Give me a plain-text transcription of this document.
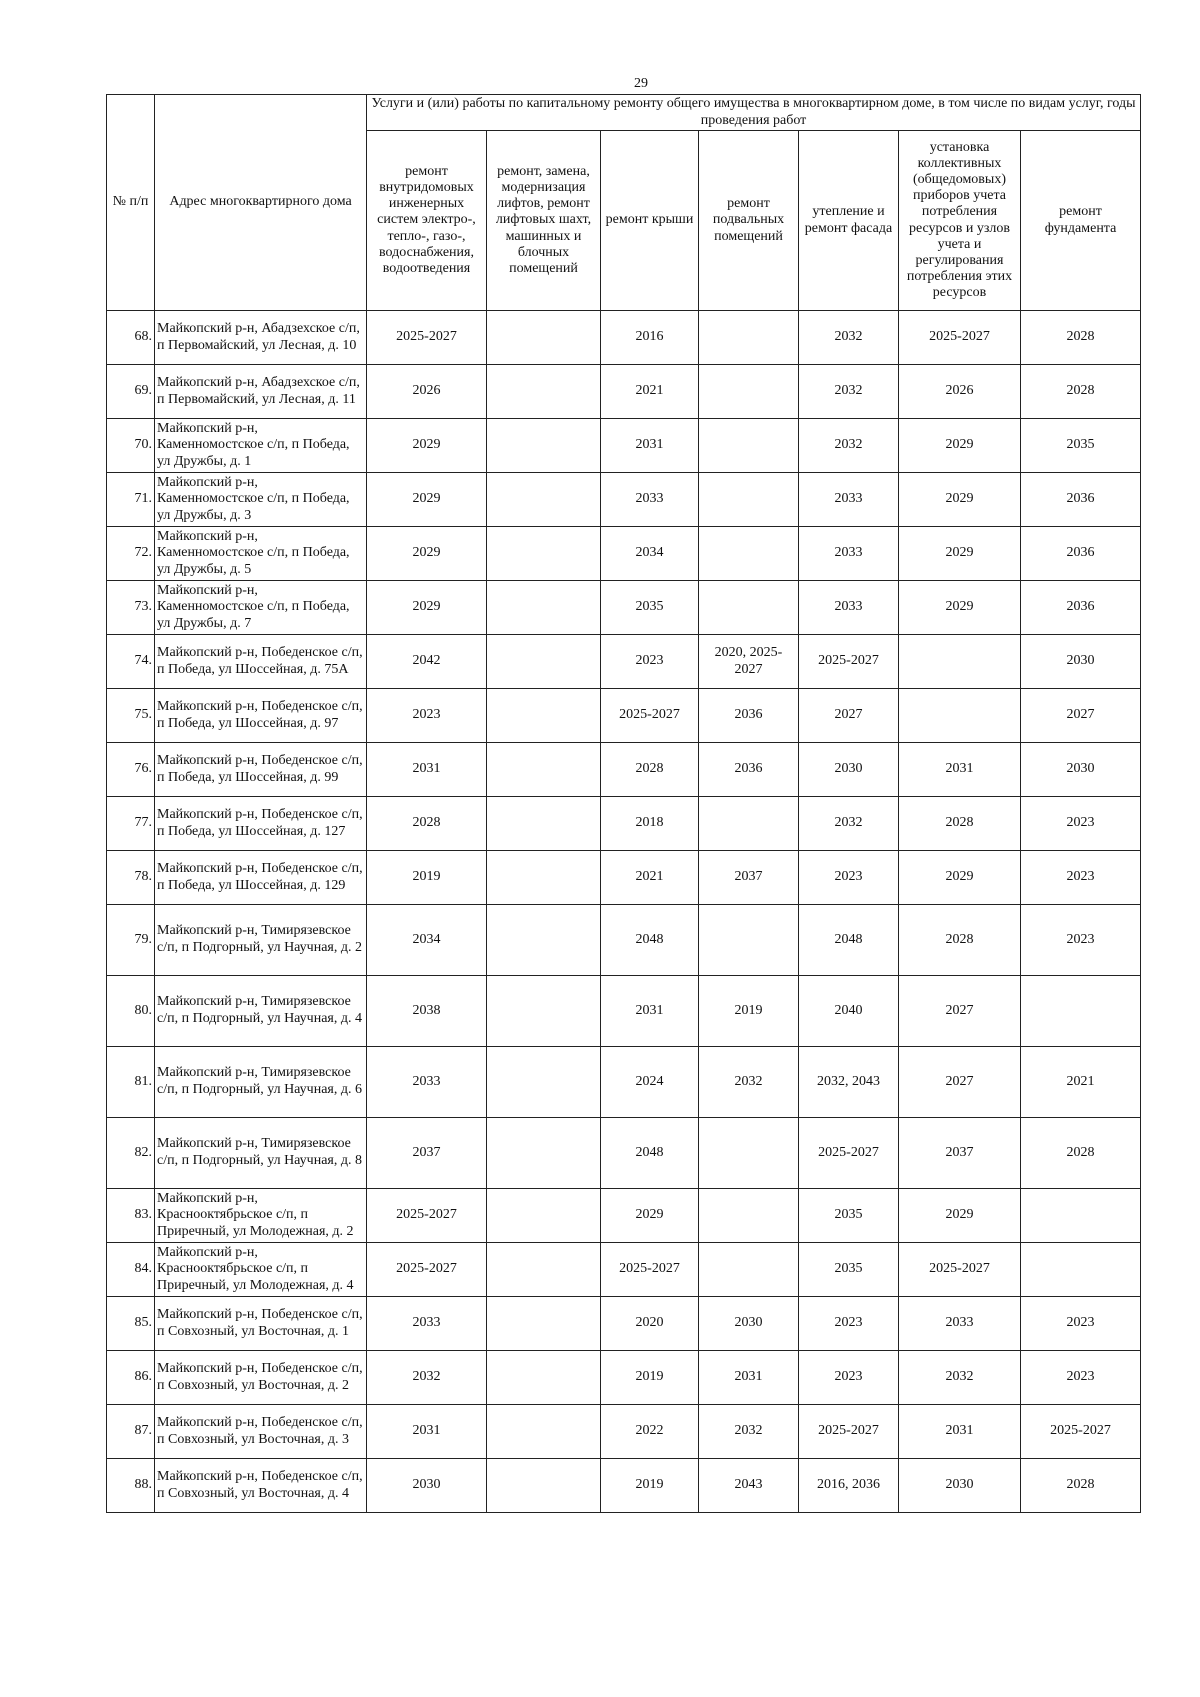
29
№ п/п	Адрес многоквартирного дома	Услуги и (или) работы по капитальному ремонту общего имущества в многоквартирном доме, в том числе по видам услуг, годы проведения работ						
		ремонт внутридомовых инженерных систем электро-, тепло-, газо-, водоснабжения, водоотведения	ремонт, замена, модернизация лифтов, ремонт лифтовых шахт, машинных и блочных помещений	ремонт крыши	ремонт подвальных помещений	утепление и ремонт фасада	установка коллективных (общедомовых) приборов учета потребления ресурсов и узлов учета и регулирования потребления этих ресурсов	ремонт фундамента
68.	Майкопский р-н, Абадзехское с/п, п Первомайский, ул Лесная, д. 10	2025-2027		2016		2032	2025-2027	2028
69.	Майкопский р-н, Абадзехское с/п, п Первомайский, ул Лесная, д. 11	2026		2021		2032	2026	2028
70.	Майкопский р-н, Каменномостское с/п, п Победа, ул Дружбы, д. 1	2029		2031		2032	2029	2035
71.	Майкопский р-н, Каменномостское с/п, п Победа, ул Дружбы, д. 3	2029		2033		2033	2029	2036
72.	Майкопский р-н, Каменномостское с/п, п Победа, ул Дружбы, д. 5	2029		2034		2033	2029	2036
73.	Майкопский р-н, Каменномостское с/п, п Победа, ул Дружбы, д. 7	2029		2035		2033	2029	2036
74.	Майкопский р-н, Победенское с/п, п Победа, ул Шоссейная, д. 75А	2042		2023	2020, 2025-2027	2025-2027		2030
75.	Майкопский р-н, Победенское с/п, п Победа, ул Шоссейная, д. 97	2023		2025-2027	2036	2027		2027
76.	Майкопский р-н, Победенское с/п, п Победа, ул Шоссейная, д. 99	2031		2028	2036	2030	2031	2030
77.	Майкопский р-н, Победенское с/п, п Победа, ул Шоссейная, д. 127	2028		2018		2032	2028	2023
78.	Майкопский р-н, Победенское с/п, п Победа, ул Шоссейная, д. 129	2019		2021	2037	2023	2029	2023
79.	Майкопский р-н, Тимирязевское с/п, п Подгорный, ул Научная, д. 2	2034		2048		2048	2028	2023
80.	Майкопский р-н, Тимирязевское с/п, п Подгорный, ул Научная, д. 4	2038		2031	2019	2040	2027	
81.	Майкопский р-н, Тимирязевское с/п, п Подгорный, ул Научная, д. 6	2033		2024	2032	2032, 2043	2027	2021
82.	Майкопский р-н, Тимирязевское с/п, п Подгорный, ул Научная, д. 8	2037		2048		2025-2027	2037	2028
83.	Майкопский р-н, Краснооктябрьское с/п, п Приречный, ул Молодежная, д. 2	2025-2027		2029		2035	2029	
84.	Майкопский р-н, Краснооктябрьское с/п, п Приречный, ул Молодежная, д. 4	2025-2027		2025-2027		2035	2025-2027	
85.	Майкопский р-н, Победенское с/п, п Совхозный, ул Восточная, д. 1	2033		2020	2030	2023	2033	2023
86.	Майкопский р-н, Победенское с/п, п Совхозный, ул Восточная, д. 2	2032		2019	2031	2023	2032	2023
87.	Майкопский р-н, Победенское с/п, п Совхозный, ул Восточная, д. 3	2031		2022	2032	2025-2027	2031	2025-2027
88.	Майкопский р-н, Победенское с/п, п Совхозный, ул Восточная, д. 4	2030		2019	2043	2016, 2036	2030	2028
